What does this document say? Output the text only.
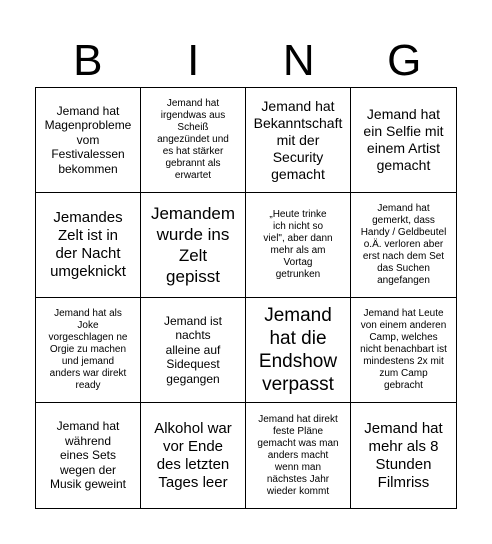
B	I	N	G
Jemand hat
Magenprobleme
vom
Festivalessen
bekommen
Jemand hat
irgendwas aus
Scheiß
angezündet und
es hat stärker
gebrannt als
erwartet
Jemand hat
Bekanntschaft
mit der
Security
gemacht
Jemand hat
ein Selfie mit
einem Artist
gemacht
Jemandes
Zelt ist in
der Nacht
umgeknickt
Jemandem
wurde ins
Zelt
gepisst
„Heute trinke
ich nicht so
viel", aber dann
mehr als am
Vortag
getrunken
Jemand hat
gemerkt, dass
Handy / Geldbeutel
o.Ä. verloren aber
erst nach dem Set
das Suchen
angefangen
Jemand hat als
Joke
vorgeschlagen ne
Orgie zu machen
und jemand
anders war direkt
ready
Jemand ist
nachts
alleine auf
Sidequest
gegangen
Jemand
hat die
Endshow
verpasst
Jemand hat Leute
von einem anderen
Camp, welches
nicht benachbart ist
mindestens 2x mit
zum Camp
gebracht
Jemand hat
während
eines Sets
wegen der
Musik geweint
Alkohol war
vor Ende
des letzten
Tages leer
Jemand hat direkt
feste Pläne
gemacht was man
anders macht
wenn man
nächstes Jahr
wieder kommt
Jemand hat
mehr als 8
Stunden
Filmriss
